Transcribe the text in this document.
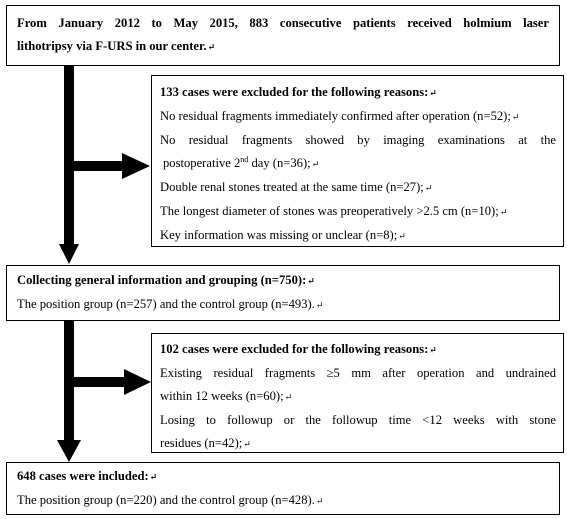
From January 2012 to May 2015, 883 consecutive patients received holmium laser
lithotripsy via F-URS in our center.↵
133 cases were excluded for the following reasons:↵
No residual fragments immediately confirmed after operation (n=52);↵
No residual fragments showed by imaging examinations at the
postoperative 2nd day (n=36);↵
Double renal stones treated at the same time (n=27);↵
The longest diameter of stones was preoperatively >2.5 cm (n=10);↵
Key information was missing or unclear (n=8);↵
Collecting general information and grouping (n=750):↵
The position group (n=257) and the control group (n=493).↵
102 cases were excluded for the following reasons:↵
Existing residual fragments ≥5 mm after operation and undrained
within 12 weeks (n=60);↵
Losing to followup or the followup time <12 weeks with stone
residues (n=42);↵
648 cases were included:↵
The position group (n=220) and the control group (n=428).↵
